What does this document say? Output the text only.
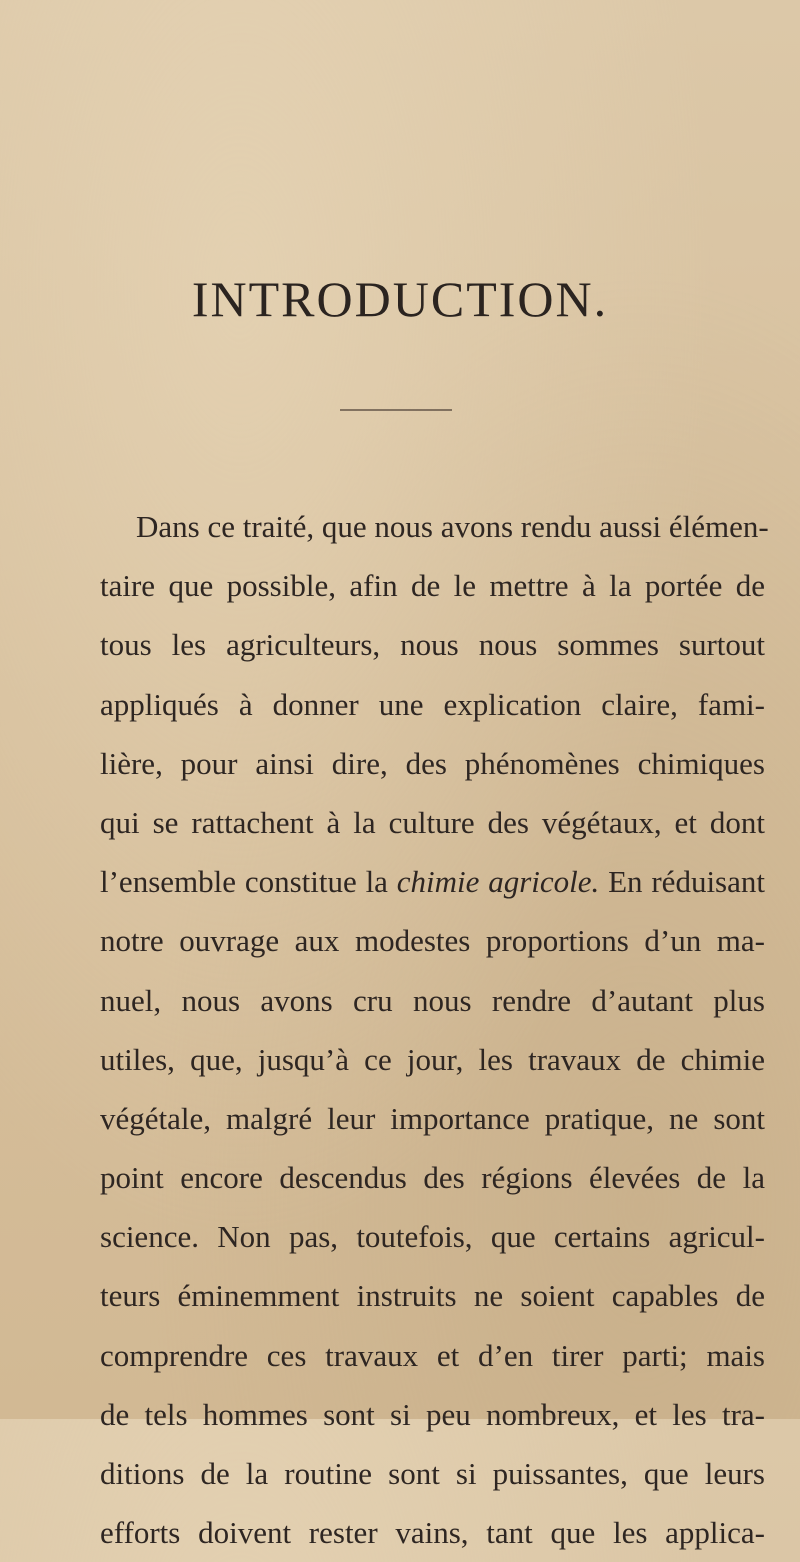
INTRODUCTION.
Dans ce traité, que nous avons rendu aussi élémen-
taire que possible, afin de le mettre à la portée de
tous les agriculteurs, nous nous sommes surtout
appliqués à donner une explication claire, fami-
lière, pour ainsi dire, des phénomènes chimiques
qui se rattachent à la culture des végétaux, et dont
l’ensemble constitue la chimie agricole. En réduisant
notre ouvrage aux modestes proportions d’un ma-
nuel, nous avons cru nous rendre d’autant plus
utiles, que, jusqu’à ce jour, les travaux de chimie
végétale, malgré leur importance pratique, ne sont
point encore descendus des régions élevées de la
science. Non pas, toutefois, que certains agricul-
teurs éminemment instruits ne soient capables de
comprendre ces travaux et d’en tirer parti; mais
de tels hommes sont si peu nombreux, et les tra-
ditions de la routine sont si puissantes, que leurs
efforts doivent rester vains, tant que les applica-
